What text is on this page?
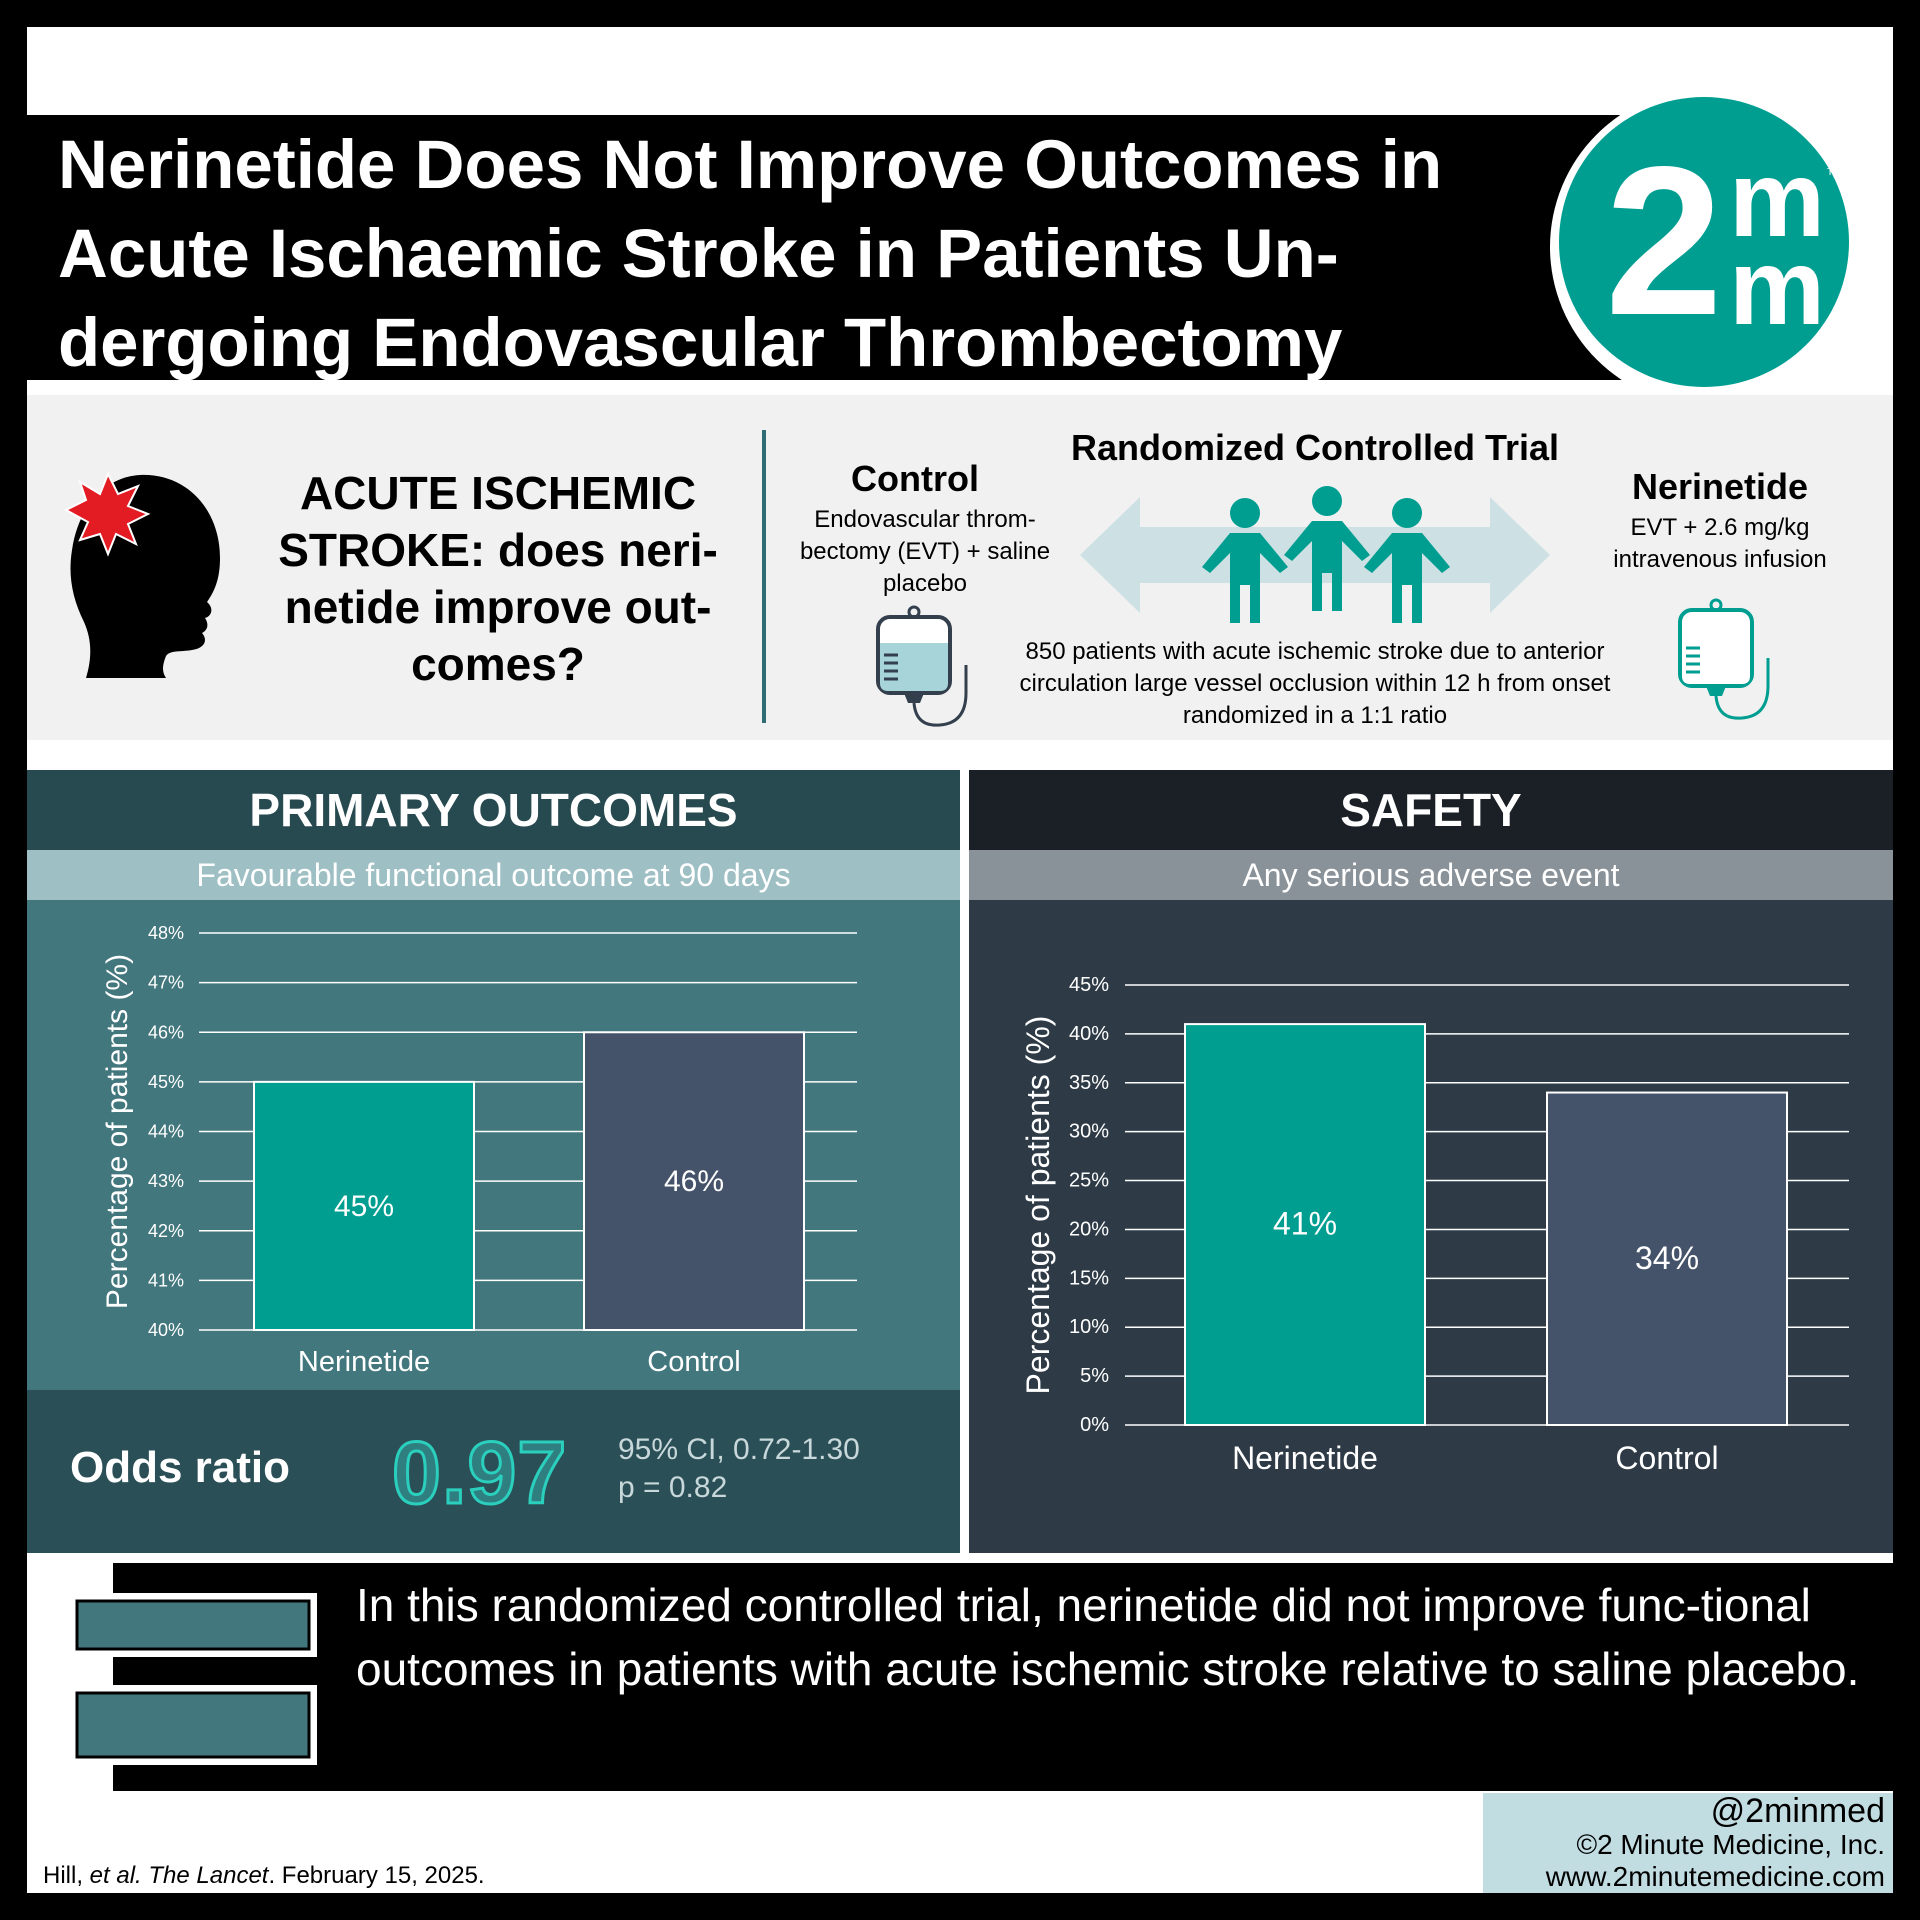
Nerinetide Does Not Improve Outcomes in Acute Ischaemic Stroke in Patients Un-dergoing Endovascular Thrombectomy	2 m
m
TM
ACUTE ISCHEMIC STROKE: does neri-netide improve out-comes?
Control
Endovascular throm-bectomy (EVT) + saline placebo
Randomized Controlled Trial
Nerinetide
EVT + 2.6 mg/kg intravenous infusion
850 patients with acute ischemic stroke due to anterior circulation large vessel occlusion within 12 h from onset randomized in a 1:1 ratio
PRIMARY OUTCOMES
Favourable functional outcome at 90 days
40%
41%
42%
43%
44%
45%
46%
47%
48%
45%
Nerinetide
46%
Control
Percentage of patients (%)
Odds ratio 0.97 95% CI, 0.72-1.30
p = 0.82
SAFETY
Any serious adverse event
0%
5%
10%
15%
20%
25%
30%
35%
40%
45%
41%
Nerinetide
34%
Control
Percentage of patients (%)
In this randomized controlled trial, nerinetide did not improve func-tional outcomes in patients with acute ischemic stroke relative to saline placebo.
Hill, et al. The Lancet. February 15, 2025.
@2minmed
©2 Minute Medicine, Inc.
www.2minutemedicine.com
